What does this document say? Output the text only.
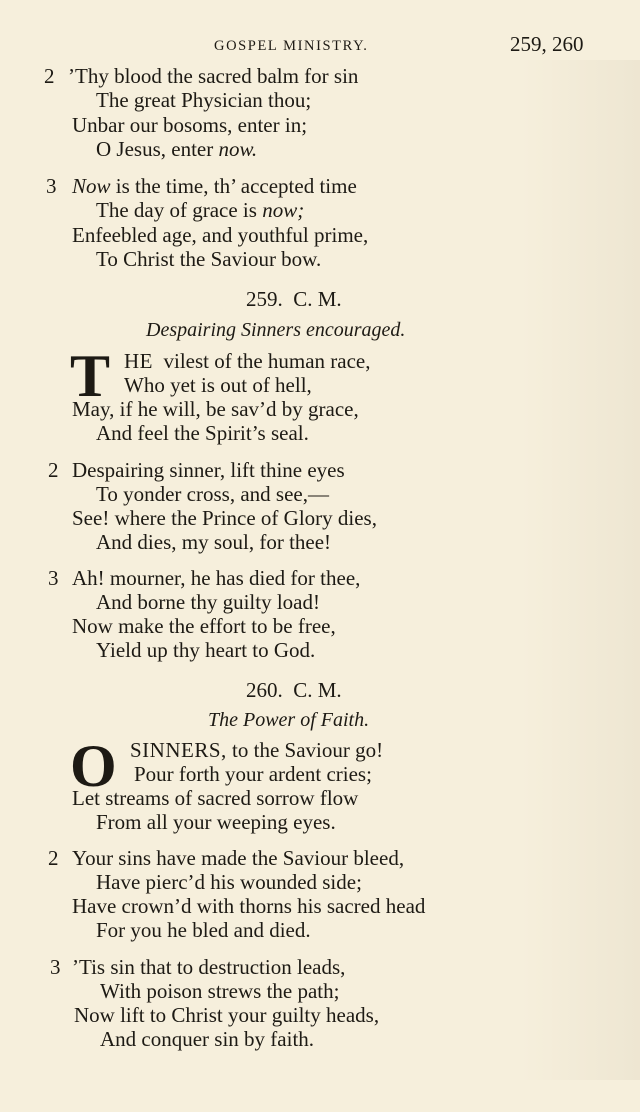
GOSPEL MINISTRY.	259, 260
2 ’Thy blood the sacred balm for sin
The great Physician thou;
Unbar our bosoms, enter in;
O Jesus, enter now.
3 Now is the time, th’ accepted time
The day of grace is now;
Enfeebled age, and youthful prime,
To Christ the Saviour bow.
259. C. M.
Despairing Sinners encouraged.
T HE vilest of the human race,
Who yet is out of hell,
May, if he will, be sav’d by grace,
And feel the Spirit’s seal.
2 Despairing sinner, lift thine eyes
To yonder cross, and see,—
See! where the Prince of Glory dies,
And dies, my soul, for thee!
3 Ah! mourner, he has died for thee,
And borne thy guilty load!
Now make the effort to be free,
Yield up thy heart to God.
260. C. M.
The Power of Faith.
O SINNERS, to the Saviour go!
Pour forth your ardent cries;
Let streams of sacred sorrow flow
From all your weeping eyes.
2 Your sins have made the Saviour bleed,
Have pierc’d his wounded side;
Have crown’d with thorns his sacred head
For you he bled and died.
3 ’Tis sin that to destruction leads,
With poison strews the path;
Now lift to Christ your guilty heads,
And conquer sin by faith.
